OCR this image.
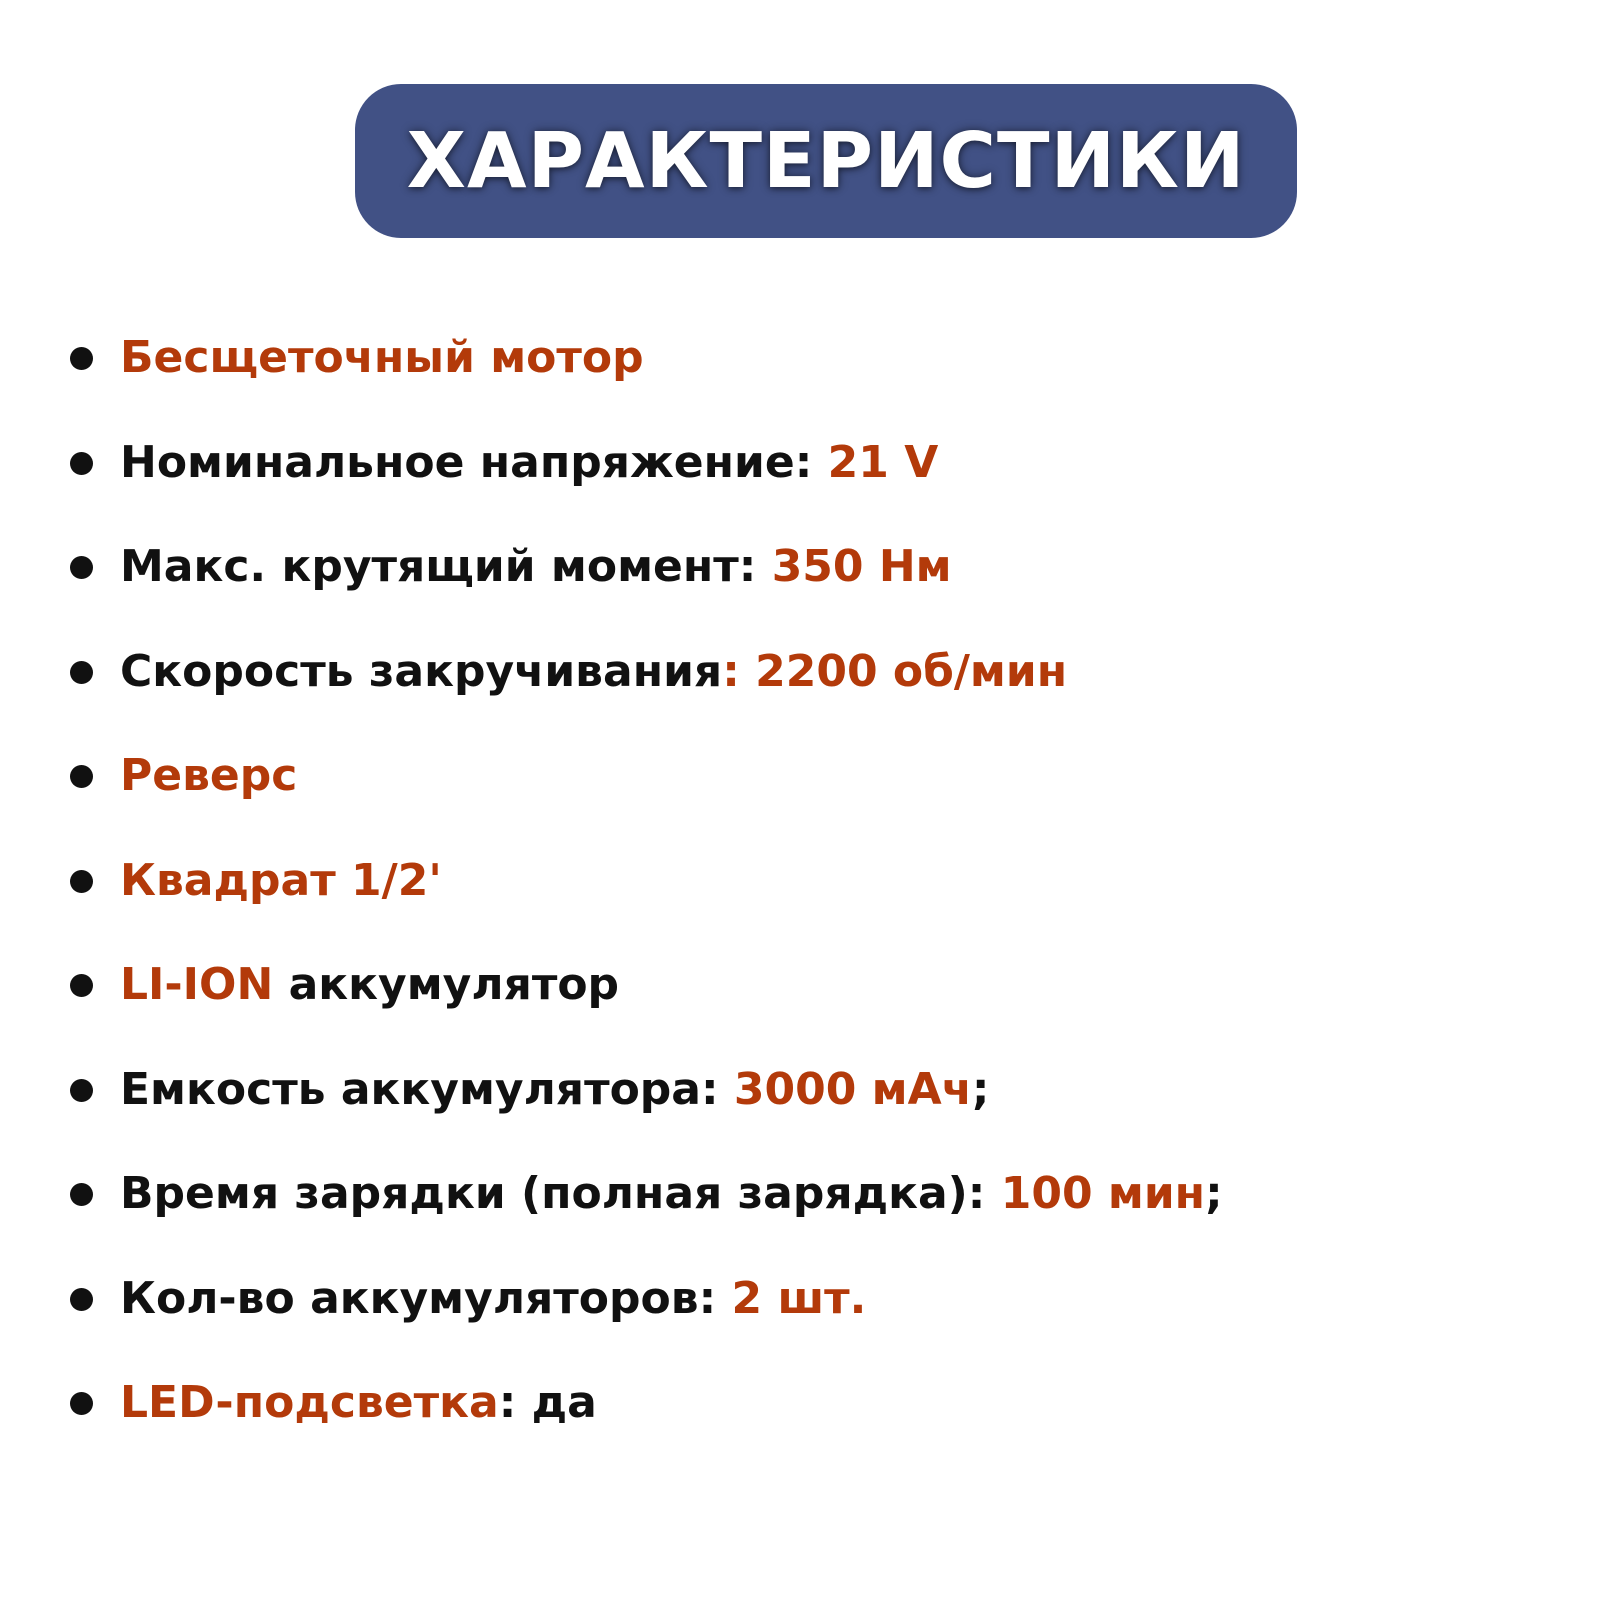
ХАРАКТЕРИСТИКИ
Бесщеточный мотор
Номинальное напряжение: 21 V
Макс. крутящий момент: 350 Нм
Скорость закручивания: 2200 об/мин
Реверс
Квадрат 1/2'
LI-ION аккумулятор
Емкость аккумулятора: 3000 мАч;
Время зарядки (полная зарядка): 100 мин;
Кол-во аккумуляторов: 2 шт.
LED-подсветка: да
